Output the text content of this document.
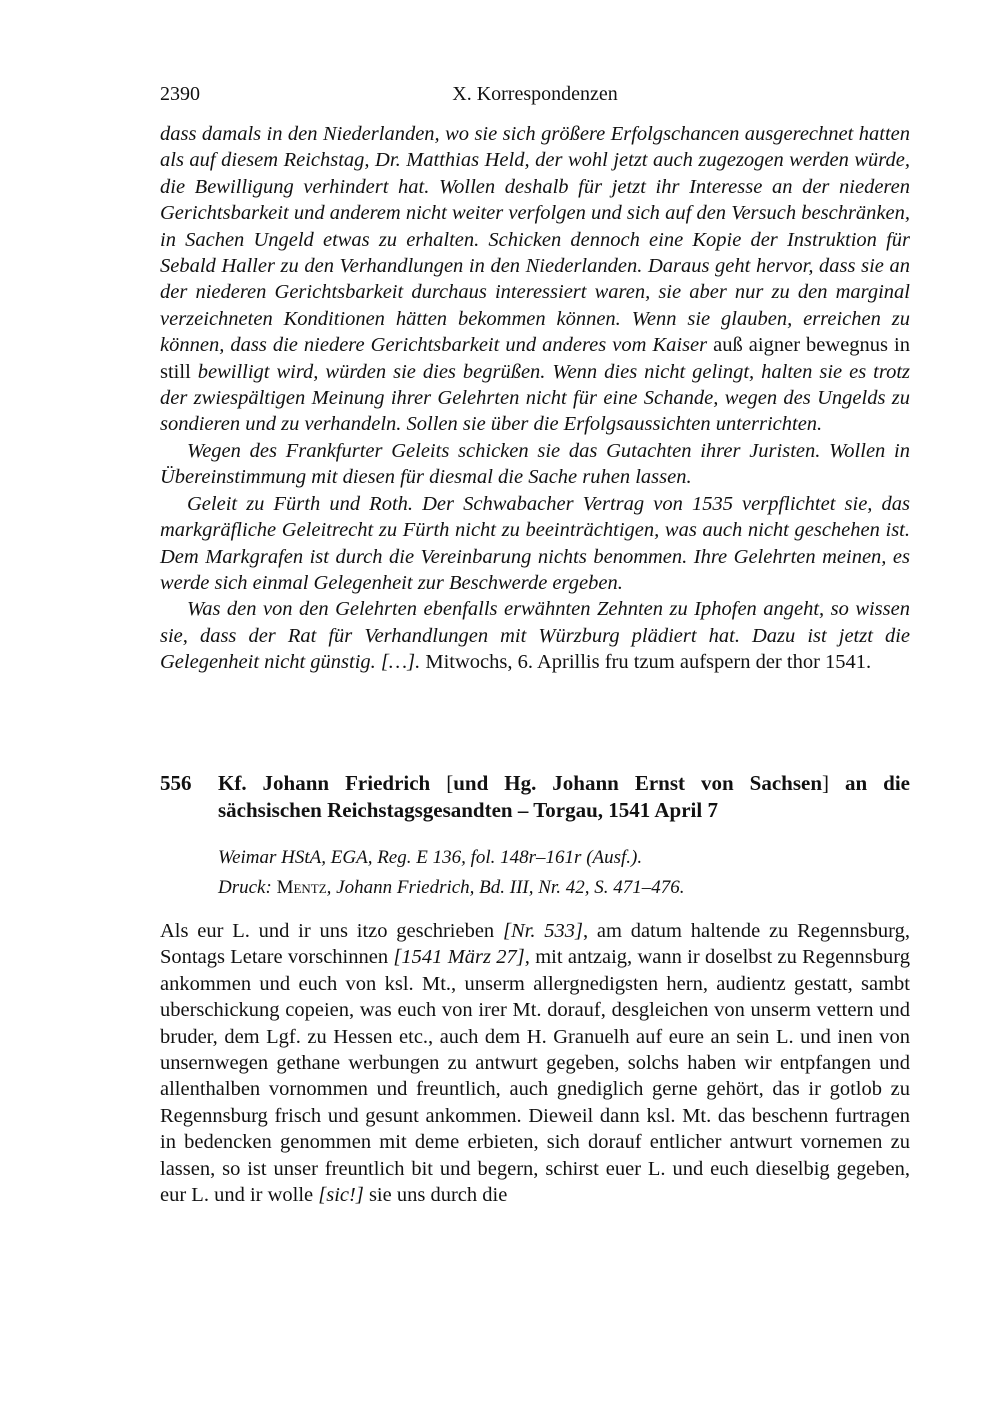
2390	X. Korrespondenzen

dass damals in den Niederlanden, wo sie sich größere Erfolgschancen ausgerechnet hatten als auf diesem Reichstag, Dr. Matthias Held, der wohl jetzt auch zugezogen werden würde, die Bewilligung verhindert hat. Wollen deshalb für jetzt ihr Interesse an der niederen Gerichtsbarkeit und anderem nicht weiter verfolgen und sich auf den Versuch beschränken, in Sachen Ungeld etwas zu erhalten. Schicken dennoch eine Kopie der Instruktion für Sebald Haller zu den Verhandlungen in den Niederlanden. Daraus geht hervor, dass sie an der niederen Gerichtsbarkeit durchaus interessiert waren, sie aber nur zu den marginal verzeichneten Konditionen hätten bekommen können. Wenn sie glauben, erreichen zu können, dass die niedere Gerichtsbarkeit und anderes vom Kaiser auß aigner bewegnus in still bewilligt wird, würden sie dies begrüßen. Wenn dies nicht gelingt, halten sie es trotz der zwiespältigen Meinung ihrer Gelehrten nicht für eine Schande, wegen des Ungelds zu sondieren und zu verhandeln. Sollen sie über die Erfolgsaussichten unterrichten.

Wegen des Frankfurter Geleits schicken sie das Gutachten ihrer Juristen. Wollen in Übereinstimmung mit diesen für diesmal die Sache ruhen lassen.

Geleit zu Fürth und Roth. Der Schwabacher Vertrag von 1535 verpflichtet sie, das markgräfliche Geleitrecht zu Fürth nicht zu beeinträchtigen, was auch nicht geschehen ist. Dem Markgrafen ist durch die Vereinbarung nichts benommen. Ihre Gelehrten meinen, es werde sich einmal Gelegenheit zur Beschwerde ergeben.

Was den von den Gelehrten ebenfalls erwähnten Zehnten zu Iphofen angeht, so wissen sie, dass der Rat für Verhandlungen mit Würzburg plädiert hat. Dazu ist jetzt die Gelegenheit nicht günstig. […]. Mitwochs, 6. Aprillis fru tzum aufspern der thor 1541.

556	Kf. Johann Friedrich [und Hg. Johann Ernst von Sachsen] an die sächsischen Reichstagsgesandten – Torgau, 1541 April 7

Weimar HStA, EGA, Reg. E 136, fol. 148r–161r (Ausf.).

Druck: Mentz, Johann Friedrich, Bd. III, Nr. 42, S. 471–476.

Als eur L. und ir uns itzo geschrieben [Nr. 533], am datum haltende zu Regennsburg, Sontags Letare vorschinnen [1541 März 27], mit antzaig, wann ir doselbst zu Regennsburg ankommen und euch von ksl. Mt., unserm allergnedigsten hern, audientz gestatt, sambt uberschickung copeien, was euch von irer Mt. dorauf, desgleichen von unserm vettern und bruder, dem Lgf. zu Hessen etc., auch dem H. Granuelh auf eure an sein L. und inen von unsernwegen gethane werbungen zu antwurt gegeben, solchs haben wir entpfangen und allenthalben vornommen und freuntlich, auch gnediglich gerne gehört, das ir gotlob zu Regennsburg frisch und gesunt ankommen. Dieweil dann ksl. Mt. das beschenn furtragen in bedencken genommen mit deme erbieten, sich dorauf entlicher antwurt vornemen zu lassen, so ist unser freuntlich bit und begern, schirst euer L. und euch dieselbig gegeben, eur L. und ir wolle [sic!] sie uns durch die
